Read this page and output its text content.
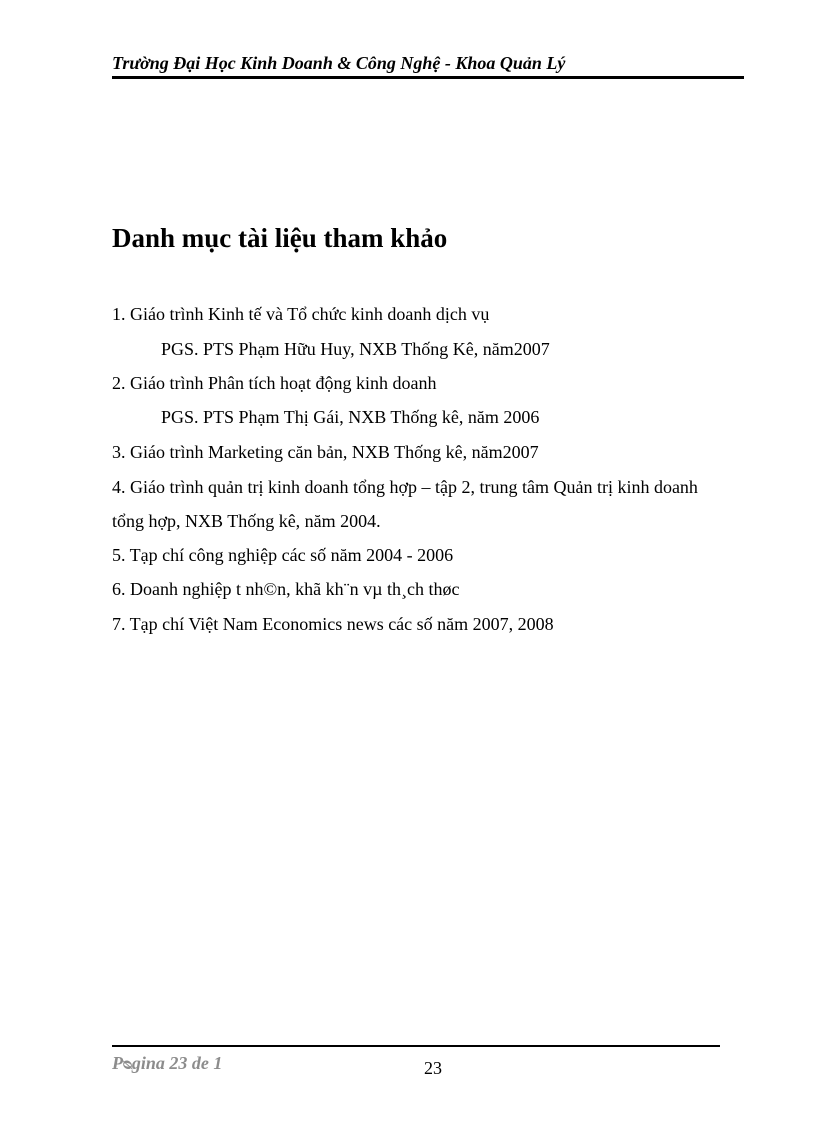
Trường Đại Học Kinh Doanh & Công Nghệ - Khoa Quản Lý
Danh mục tài liệu tham khảo
1. Giáo trình Kinh tế và Tổ chức kinh doanh dịch vụ
PGS. PTS Phạm Hữu Huy, NXB Thống Kê, năm2007
2. Giáo trình Phân tích hoạt động kinh doanh
PGS. PTS Phạm Thị Gái, NXB Thống kê, năm 2006
3. Giáo trình Marketing căn bản, NXB Thống kê, năm2007
4. Giáo trình quản trị kinh doanh tổng hợp – tập 2, trung tâm Quản trị kinh doanh
tổng hợp, NXB Thống kê, năm 2004.
5. Tạp chí công nghiệp các số năm 2004 - 2006
6. Doanh nghiệp t nh©n, khã kh¨n vµ th¸ch thøc
7. Tạp chí Việt Nam Economics news các số năm 2007, 2008
Pᴓgina 23 de 1	23
